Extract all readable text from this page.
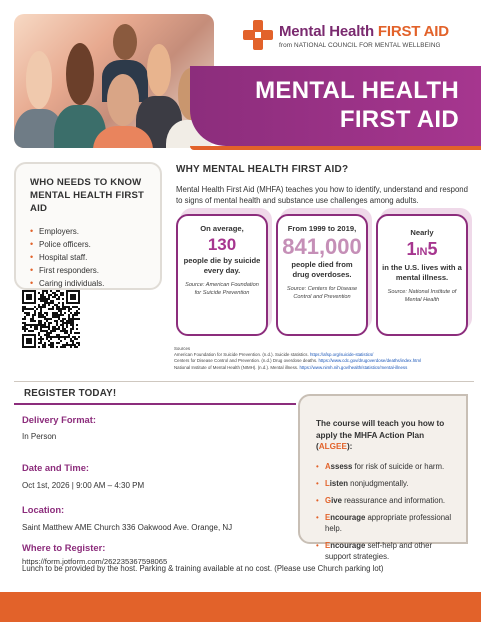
Mental Health FIRST AID
from NATIONAL COUNCIL FOR MENTAL WELLBEING
MENTAL HEALTH
FIRST AID
WHO NEEDS TO KNOW MENTAL HEALTH FIRST AID
• Employers.
• Police officers.
• Hospital staff.
• First responders.
• Caring individuals.
WHY MENTAL HEALTH FIRST AID?
Mental Health First Aid (MHFA) teaches you how to identify, understand and respond to signs of mental health and substance use challenges among adults.
On average,
130
people die by suicide every day.
Source: American Foundation for Suicide Prevention
From 1999 to 2019,
841,000
people died from drug overdoses.
Source: Centers for Disease Control and Prevention
Nearly
1IN5
in the U.S. lives with a mental illness.
Source: National Institute of Mental Health
Sources
American Foundation for Suicide Prevention. (n.d.). Suicide statistics. https://afsp.org/suicide-statistics/
Centers for Disease Control and Prevention. (n.d.) Drug overdose deaths. https://www.cdc.gov/drugoverdose/deaths/index.html
National Institute of Mental Health (NIMH). (n.d.). Mental illness. https://www.nimh.nih.gov/health/statistics/mental-illness
REGISTER TODAY!
Delivery Format:
In Person
Date and Time:
Oct 1st, 2026 | 9:00 AM – 4:30 PM
Location:
Saint Matthew AME Church 336 Oakwood Ave. Orange, NJ
Where to Register:
https://form.jotform.com/262235367598065
The course will teach you how to apply the MHFA Action Plan (ALGEE):
• Assess for risk of suicide or harm.
• Listen nonjudgmentally.
• Give reassurance and information.
• Encourage appropriate professional help.
• Encourage self-help and other support strategies.
Lunch to be provided by the host. Parking & training available at no cost. (Please use Church parking lot)
